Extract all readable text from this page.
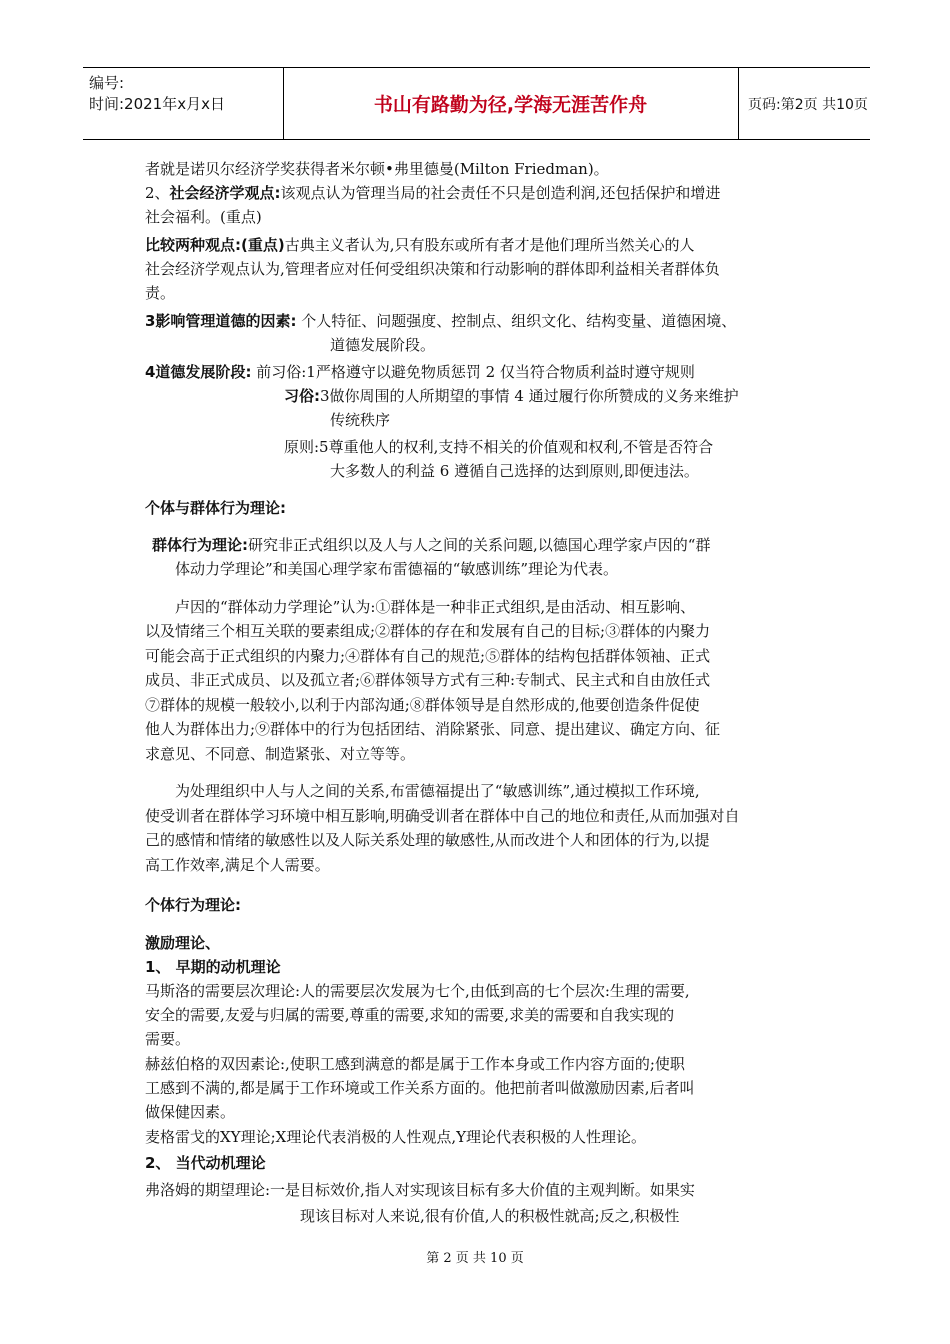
编号:
时间:2021年x月x日	书山有路勤为径,学海无涯苦作舟	页码:第2页 共10页
者就是诺贝尔经济学奖获得者米尔顿•弗里德曼(Milton Friedman)。
2、社会经济学观点:该观点认为管理当局的社会责任不只是创造利润,还包括保护和增进
社会福利。(重点)
比较两种观点:(重点)古典主义者认为,只有股东或所有者才是他们理所当然关心的人
社会经济学观点认为,管理者应对任何受组织决策和行动影响的群体即利益相关者群体负
责。
3影响管理道德的因素: 个人特征、问题强度、控制点、组织文化、结构变量、道德困境、
道德发展阶段。
4道德发展阶段: 前习俗:1严格遵守以避免物质惩罚 2 仅当符合物质利益时遵守规则
习俗:3做你周围的人所期望的事情 4 通过履行你所赞成的义务来维护
传统秩序
原则:5尊重他人的权利,支持不相关的价值观和权利,不管是否符合
大多数人的利益 6 遵循自己选择的达到原则,即便违法。
个体与群体行为理论:
群体行为理论:研究非正式组织以及人与人之间的关系问题,以德国心理学家卢因的“群
体动力学理论”和美国心理学家布雷德福的“敏感训练”理论为代表。
卢因的“群体动力学理论”认为:①群体是一种非正式组织,是由活动、相互影响、
以及情绪三个相互关联的要素组成;②群体的存在和发展有自己的目标;③群体的内聚力
可能会高于正式组织的内聚力;④群体有自己的规范;⑤群体的结构包括群体领袖、正式
成员、非正式成员、以及孤立者;⑥群体领导方式有三种:专制式、民主式和自由放任式
⑦群体的规模一般较小,以利于内部沟通;⑧群体领导是自然形成的,他要创造条件促使
他人为群体出力;⑨群体中的行为包括团结、消除紧张、同意、提出建议、确定方向、征
求意见、不同意、制造紧张、对立等等。
为处理组织中人与人之间的关系,布雷德福提出了“敏感训练”,通过模拟工作环境,
使受训者在群体学习环境中相互影响,明确受训者在群体中自己的地位和责任,从而加强对自
己的感情和情绪的敏感性以及人际关系处理的敏感性,从而改进个人和团体的行为,以提
高工作效率,满足个人需要。
个体行为理论:
激励理论、
1、 早期的动机理论
马斯洛的需要层次理论:人的需要层次发展为七个,由低到高的七个层次:生理的需要,
安全的需要,友爱与归属的需要,尊重的需要,求知的需要,求美的需要和自我实现的
需要。
赫兹伯格的双因素论:,使职工感到满意的都是属于工作本身或工作内容方面的;使职
工感到不满的,都是属于工作环境或工作关系方面的。他把前者叫做激励因素,后者叫
做保健因素。
麦格雷戈的XY理论;X理论代表消极的人性观点,Y理论代表积极的人性理论。
2、 当代动机理论
弗洛姆的期望理论:一是目标效价,指人对实现该目标有多大价值的主观判断。如果实
现该目标对人来说,很有价值,人的积极性就高;反之,积极性
第 2 页 共 10 页
